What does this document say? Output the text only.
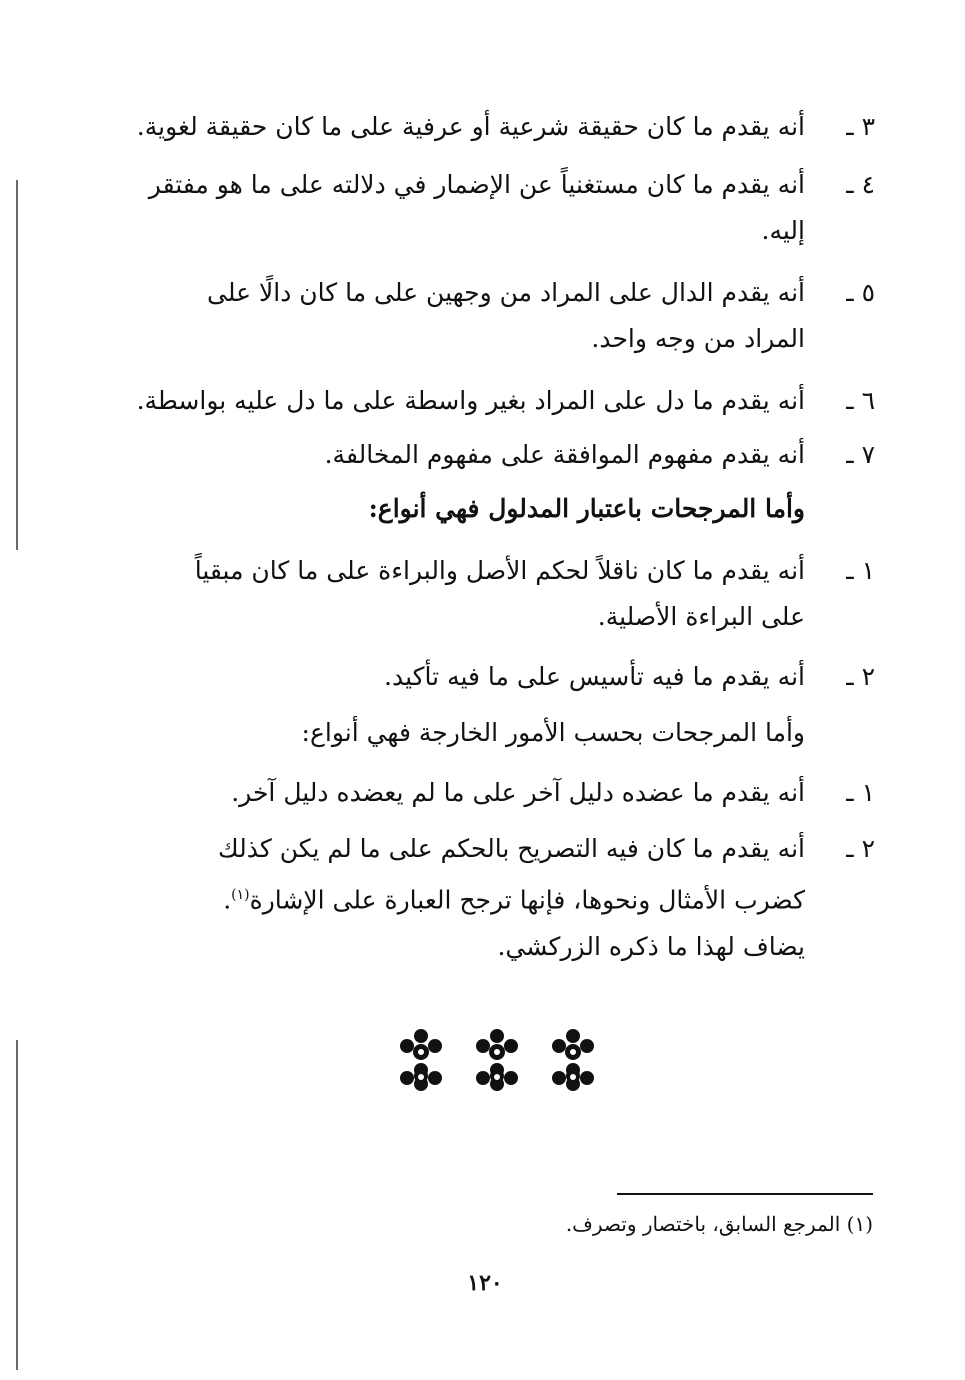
٣ ـ
أنه يقدم ما كان حقيقة شرعية أو عرفية على ما كان حقيقة لغوية.
٤ ـ
أنه يقدم ما كان مستغنياً عن الإضمار في دلالته على ما هو مفتقر
إليه.
٥ ـ
أنه يقدم الدال على المراد من وجهين على ما كان دالًا على
المراد من وجه واحد.
٦ ـ
أنه يقدم ما دل على المراد بغير واسطة على ما دل عليه بواسطة.
٧ ـ
أنه يقدم مفهوم الموافقة على مفهوم المخالفة.
وأما المرجحات باعتبار المدلول فهي أنواع:
١ ـ
أنه يقدم ما كان ناقلاً لحكم الأصل والبراءة على ما كان مبقياً
على البراءة الأصلية.
٢ ـ
أنه يقدم ما فيه تأسيس على ما فيه تأكيد.
وأما المرجحات بحسب الأمور الخارجة فهي أنواع:
١ ـ
أنه يقدم ما عضده دليل آخر على ما لم يعضده دليل آخر.
٢ ـ
أنه يقدم ما كان فيه التصريح بالحكم على ما لم يكن كذلك
كضرب الأمثال ونحوها، فإنها ترجح العبارة على الإشارة$^{(١)}$.
يضاف لهذا ما ذكره الزركشي.
(١) المرجع السابق، باختصار وتصرف.
١٢٠
